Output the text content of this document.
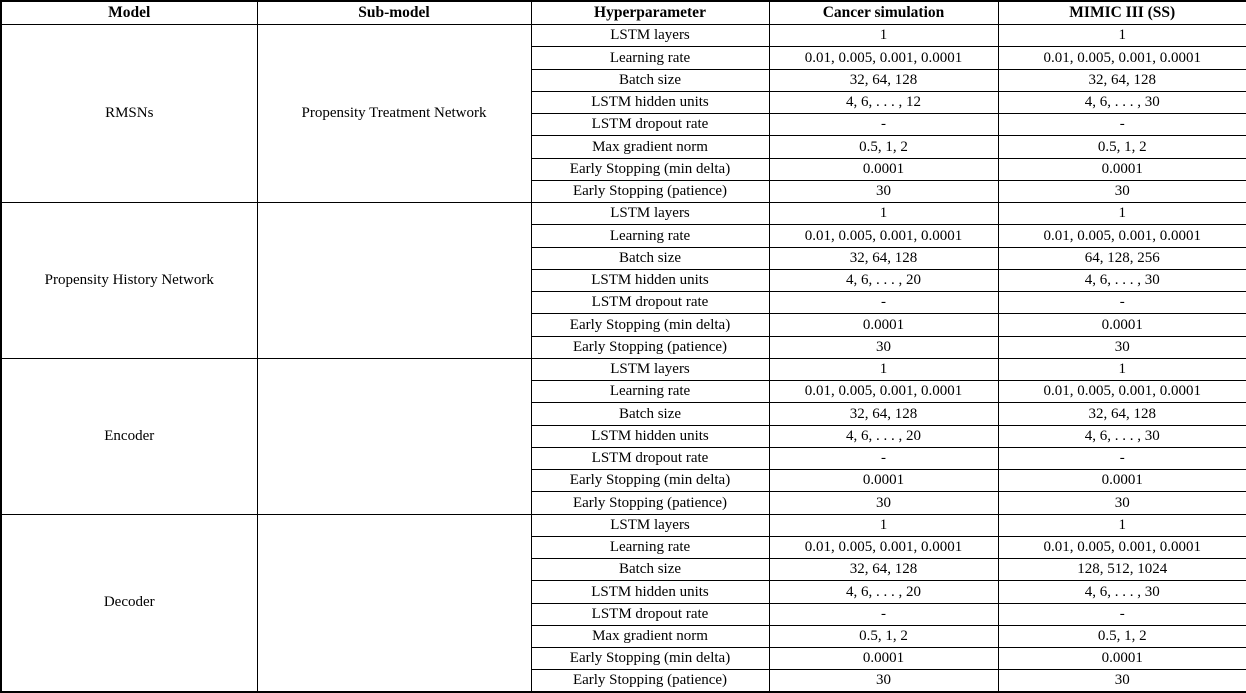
Model	Sub-model	Hyperparameter	Cancer simulation	MIMIC III (SS)
RMSNs	Propensity Treatment Network	LSTM layers	1	1
		Learning rate	0.01, 0.005, 0.001, 0.0001	0.01, 0.005, 0.001, 0.0001
		Batch size	32, 64, 128	32, 64, 128
		LSTM hidden units	4, 6, . . . , 12	4, 6, . . . , 30
		LSTM dropout rate	-	-
		Max gradient norm	0.5, 1, 2	0.5, 1, 2
		Early Stopping (min delta)	0.0001	0.0001
		Early Stopping (patience)	30	30
Propensity History Network		LSTM layers	1	1
		Learning rate	0.01, 0.005, 0.001, 0.0001	0.01, 0.005, 0.001, 0.0001
		Batch size	32, 64, 128	64, 128, 256
		LSTM hidden units	4, 6, . . . , 20	4, 6, . . . , 30
		LSTM dropout rate	-	-
		Early Stopping (min delta)	0.0001	0.0001
		Early Stopping (patience)	30	30
Encoder		LSTM layers	1	1
		Learning rate	0.01, 0.005, 0.001, 0.0001	0.01, 0.005, 0.001, 0.0001
		Batch size	32, 64, 128	32, 64, 128
		LSTM hidden units	4, 6, . . . , 20	4, 6, . . . , 30
		LSTM dropout rate	-	-
		Early Stopping (min delta)	0.0001	0.0001
		Early Stopping (patience)	30	30
Decoder		LSTM layers	1	1
		Learning rate	0.01, 0.005, 0.001, 0.0001	0.01, 0.005, 0.001, 0.0001
		Batch size	32, 64, 128	128, 512, 1024
		LSTM hidden units	4, 6, . . . , 20	4, 6, . . . , 30
		LSTM dropout rate	-	-
		Max gradient norm	0.5, 1, 2	0.5, 1, 2
		Early Stopping (min delta)	0.0001	0.0001
		Early Stopping (patience)	30	30
